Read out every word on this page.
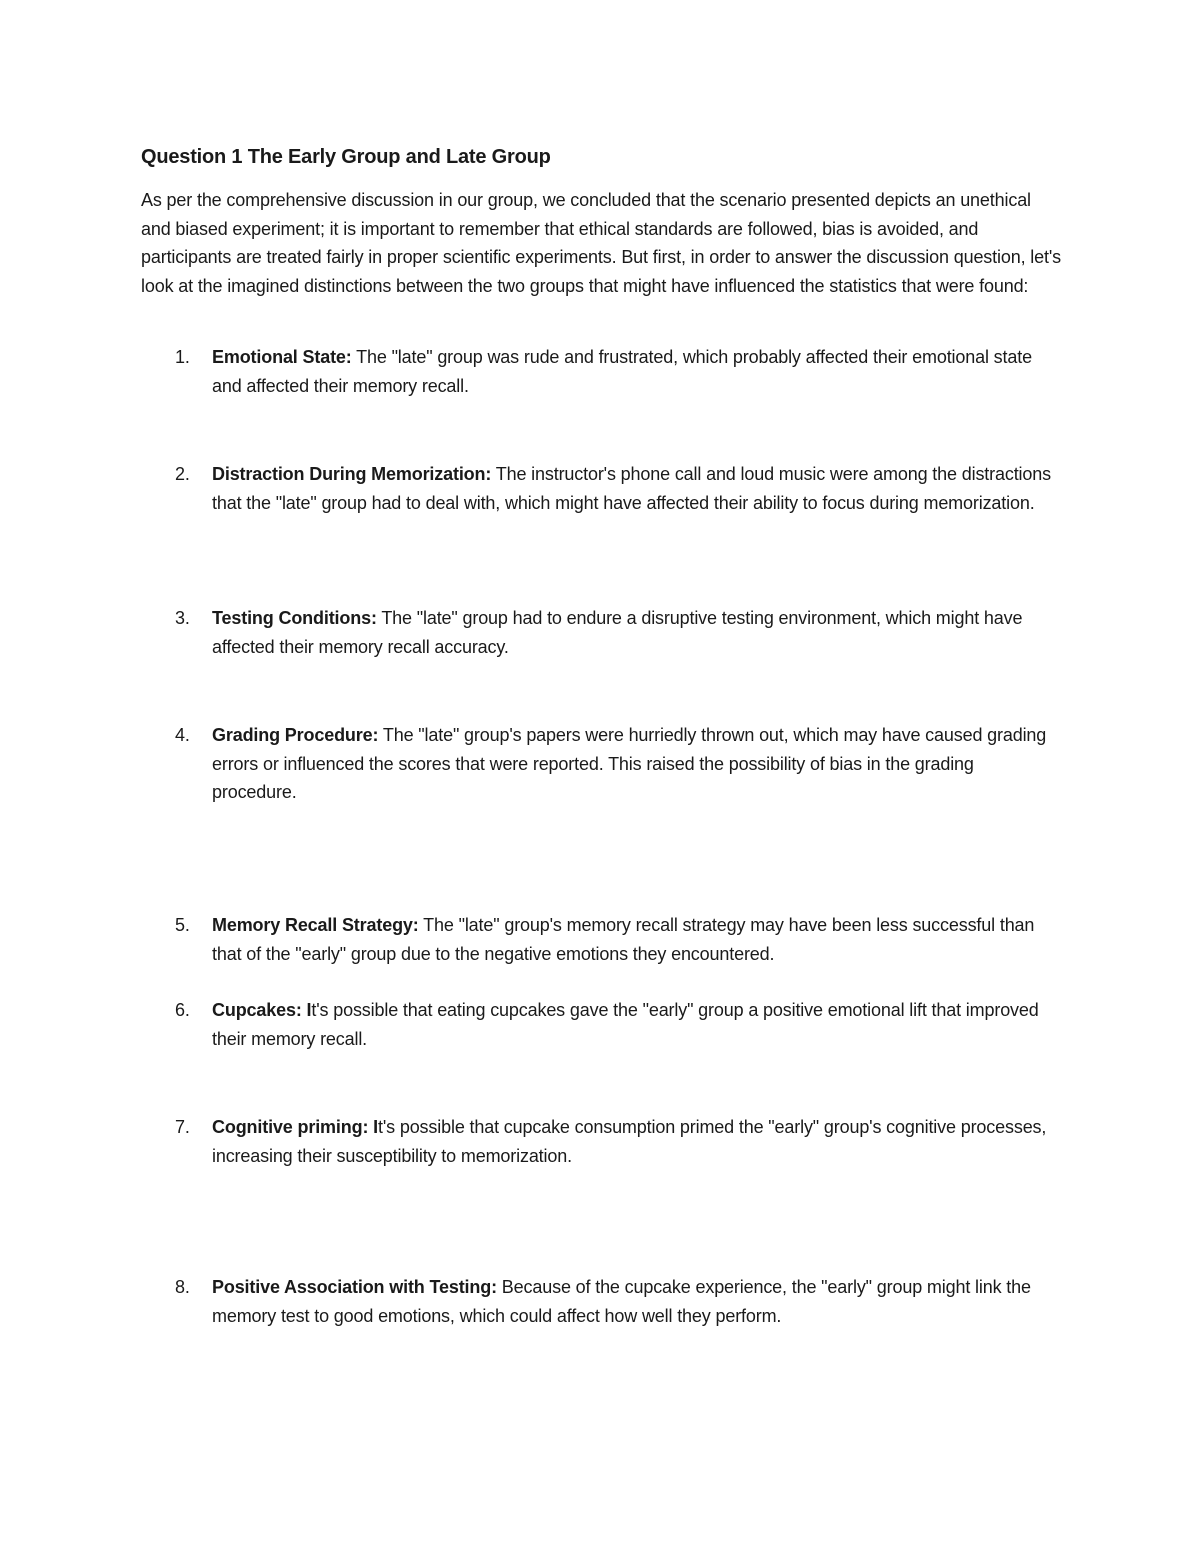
Question 1 The Early Group and Late Group

As per the comprehensive discussion in our group, we concluded that the scenario presented depicts an unethical and biased experiment; it is important to remember that ethical standards are followed, bias is avoided, and participants are treated fairly in proper scientific experiments. But first, in order to answer the discussion question, let's look at the imagined distinctions between the two groups that might have influenced the statistics that were found:

1.	Emotional State: The "late" group was rude and frustrated, which probably affected their emotional state and affected their memory recall.

2.	Distraction During Memorization: The instructor's phone call and loud music were among the distractions that the "late" group had to deal with, which might have affected their ability to focus during memorization.

3.	Testing Conditions: The "late" group had to endure a disruptive testing environment, which might have affected their memory recall accuracy.

4.	Grading Procedure: The "late" group's papers were hurriedly thrown out, which may have caused grading errors or influenced the scores that were reported. This raised the possibility of bias in the grading procedure.

5.	Memory Recall Strategy: The "late" group's memory recall strategy may have been less successful than that of the "early" group due to the negative emotions they encountered.

6.	Cupcakes: It's possible that eating cupcakes gave the "early" group a positive emotional lift that improved their memory recall.

7.	Cognitive priming: It's possible that cupcake consumption primed the "early" group's cognitive processes, increasing their susceptibility to memorization.

8.	Positive Association with Testing: Because of the cupcake experience, the "early" group might link the memory test to good emotions, which could affect how well they perform.
